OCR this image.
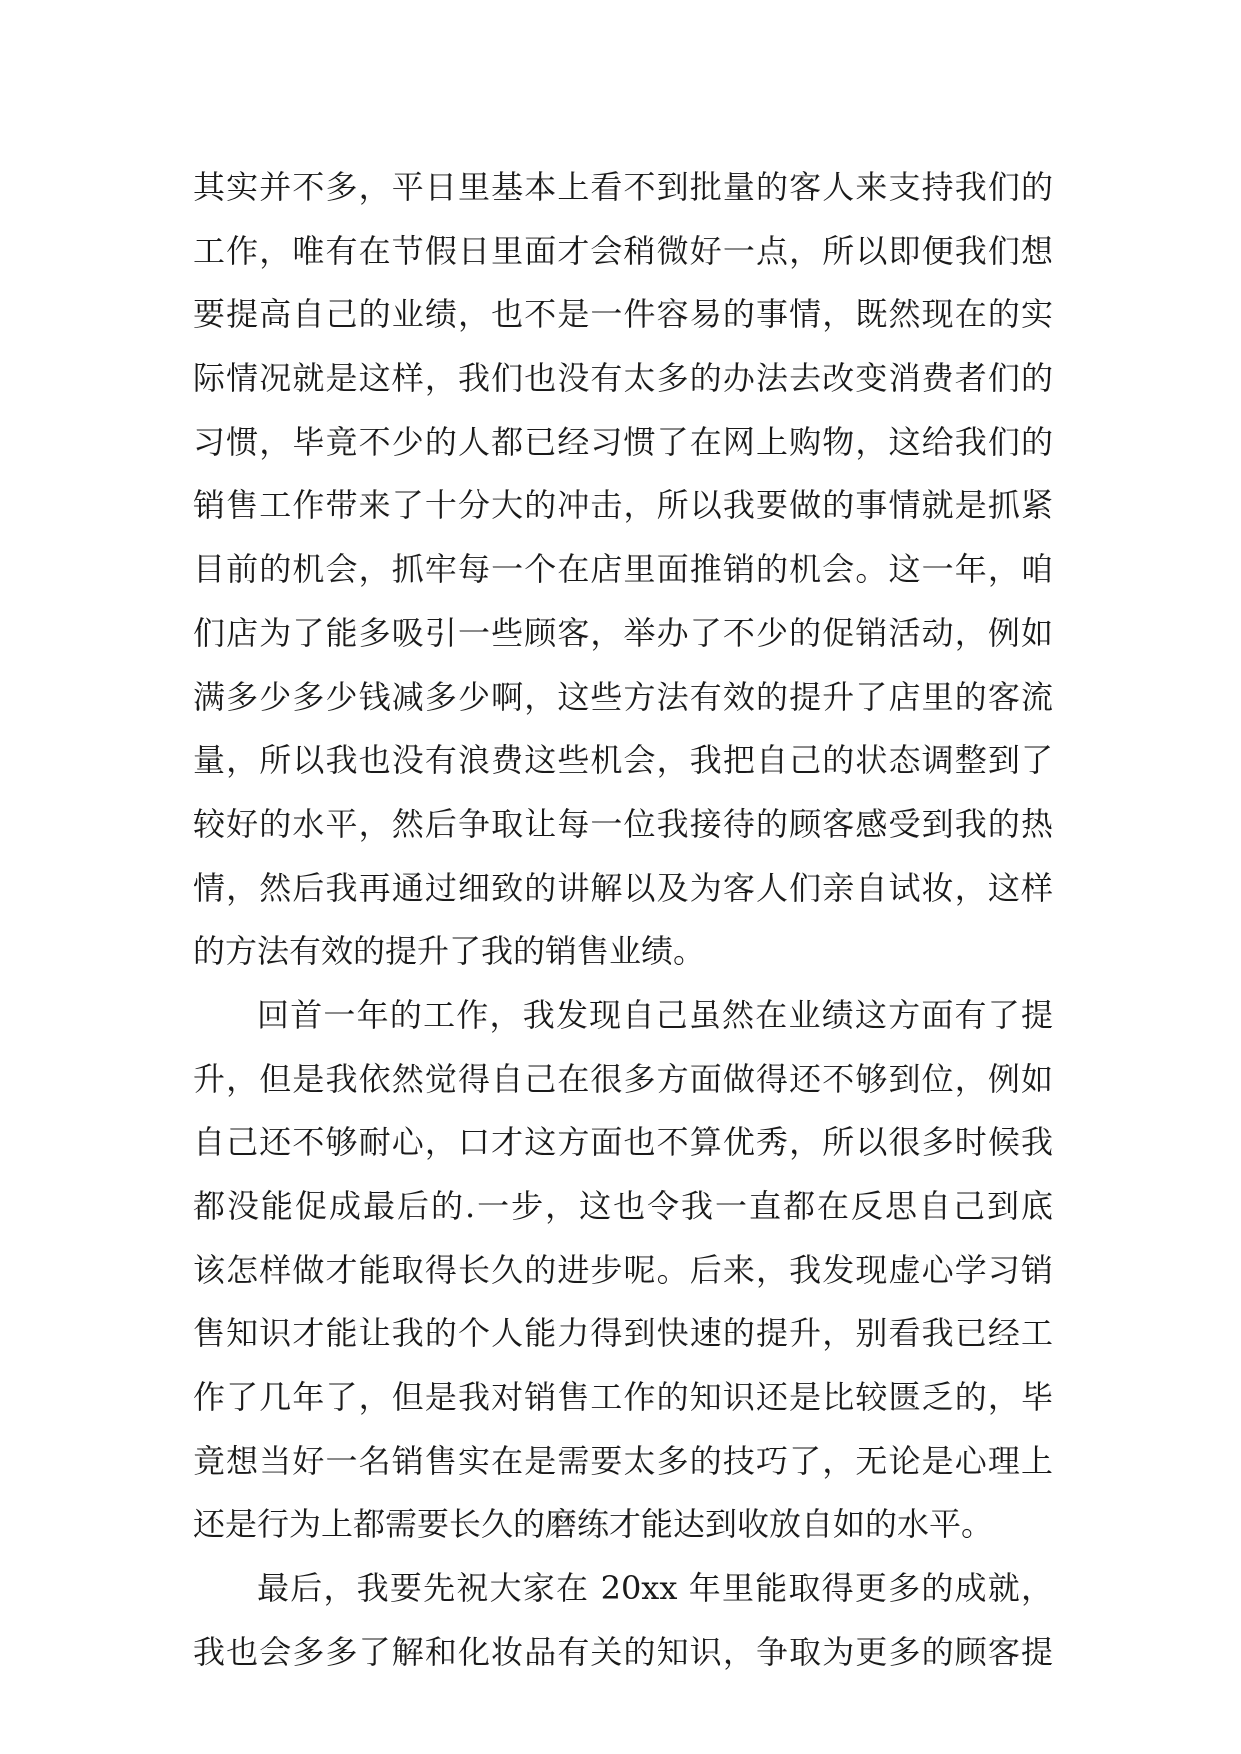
其实并不多，平日里基本上看不到批量的客人来支持我们的
工作，唯有在节假日里面才会稍微好一点，所以即便我们想
要提高自己的业绩，也不是一件容易的事情，既然现在的实
际情况就是这样，我们也没有太多的办法去改变消费者们的
习惯，毕竟不少的人都已经习惯了在网上购物，这给我们的
销售工作带来了十分大的冲击，所以我要做的事情就是抓紧
目前的机会，抓牢每一个在店里面推销的机会。这一年，咱
们店为了能多吸引一些顾客，举办了不少的促销活动，例如
满多少多少钱减多少啊，这些方法有效的提升了店里的客流
量，所以我也没有浪费这些机会，我把自己的状态调整到了
较好的水平，然后争取让每一位我接待的顾客感受到我的热
情，然后我再通过细致的讲解以及为客人们亲自试妆，这样
的方法有效的提升了我的销售业绩。
回首一年的工作，我发现自己虽然在业绩这方面有了提
升，但是我依然觉得自己在很多方面做得还不够到位，例如
自己还不够耐心，口才这方面也不算优秀，所以很多时候我
都没能促成最后的.一步，这也令我一直都在反思自己到底
该怎样做才能取得长久的进步呢。后来，我发现虚心学习销
售知识才能让我的个人能力得到快速的提升，别看我已经工
作了几年了，但是我对销售工作的知识还是比较匮乏的，毕
竟想当好一名销售实在是需要太多的技巧了，无论是心理上
还是行为上都需要长久的磨练才能达到收放自如的水平。
最后，我要先祝大家在 20xx 年里能取得更多的成就，
我也会多多了解和化妆品有关的知识，争取为更多的顾客提
